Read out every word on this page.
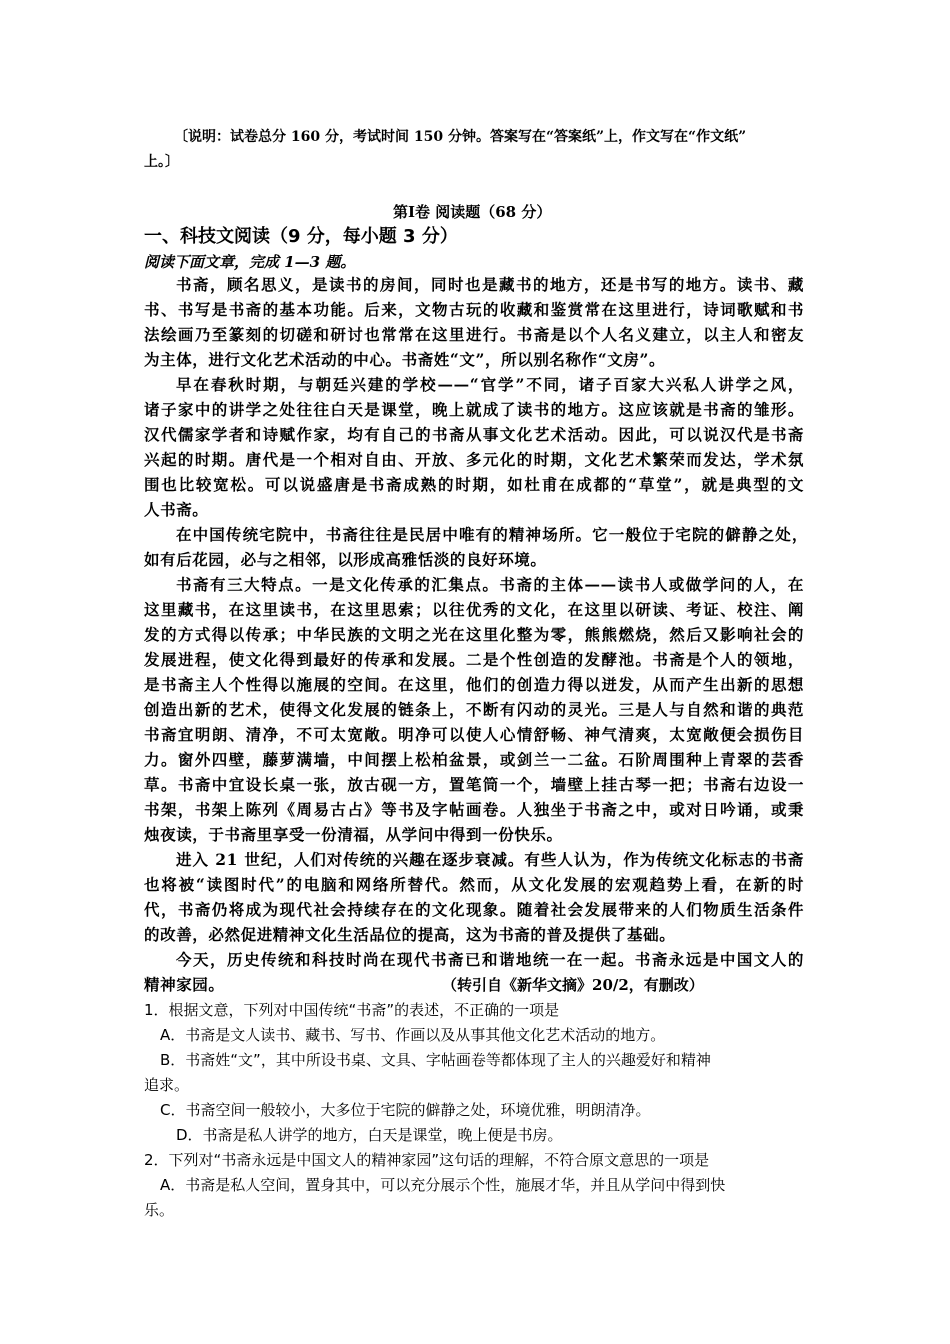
〔说明：试卷总分 160 分，考试时间 150 分钟。答案写在“答案纸”上，作文写在“作文纸”
上。〕
第Ⅰ卷 阅读题（68 分）
一、科技文阅读（9 分，每小题 3 分）
阅读下面文章，完成 1—3 题。
书斋，顾名思义，是读书的房间，同时也是藏书的地方，还是书写的地方。读书、藏
书、书写是书斋的基本功能。后来，文物古玩的收藏和鉴赏常在这里进行，诗词歌赋和书
法绘画乃至篆刻的切磋和研讨也常常在这里进行。书斋是以个人名义建立，以主人和密友
为主体，进行文化艺术活动的中心。书斋姓“文”，所以别名称作“文房”。
早在春秋时期，与朝廷兴建的学校——“官学”不同，诸子百家大兴私人讲学之风，
诸子家中的讲学之处往往白天是课堂，晚上就成了读书的地方。这应该就是书斋的雏形。
汉代儒家学者和诗赋作家，均有自己的书斋从事文化艺术活动。因此，可以说汉代是书斋
兴起的时期。唐代是一个相对自由、开放、多元化的时期，文化艺术繁荣而发达，学术氛
围也比较宽松。可以说盛唐是书斋成熟的时期，如杜甫在成都的“草堂”，就是典型的文
人书斋。
在中国传统宅院中，书斋往往是民居中唯有的精神场所。它一般位于宅院的僻静之处，
如有后花园，必与之相邻，以形成高雅恬淡的良好环境。
书斋有三大特点。一是文化传承的汇集点。书斋的主体——读书人或做学问的人，在
这里藏书，在这里读书，在这里思索；以往优秀的文化，在这里以研读、考证、校注、阐
发的方式得以传承；中华民族的文明之光在这里化整为零，熊熊燃烧，然后又影响社会的
发展进程，使文化得到最好的传承和发展。二是个性创造的发酵池。书斋是个人的领地，
是书斋主人个性得以施展的空间。在这里，他们的创造力得以迸发，从而产生出新的思想
创造出新的艺术，使得文化发展的链条上，不断有闪动的灵光。三是人与自然和谐的典范
书斋宜明朗、清净，不可太宽敞。明净可以使人心情舒畅、神气清爽，太宽敞便会损伤目
力。窗外四壁，藤萝满墙，中间摆上松柏盆景，或剑兰一二盆。石阶周围种上青翠的芸香
草。书斋中宜设长桌一张，放古砚一方，置笔筒一个，墙壁上挂古琴一把；书斋右边设一
书架，书架上陈列《周易古占》等书及字帖画卷。人独坐于书斋之中，或对日吟诵，或秉
烛夜读，于书斋里享受一份清福，从学问中得到一份快乐。
进入 21 世纪，人们对传统的兴趣在逐步衰减。有些人认为，作为传统文化标志的书斋
也将被“读图时代”的电脑和网络所替代。然而，从文化发展的宏观趋势上看，在新的时
代，书斋仍将成为现代社会持续存在的文化现象。随着社会发展带来的人们物质生活条件
的改善，必然促进精神文化生活品位的提高，这为书斋的普及提供了基础。
今天，历史传统和科技时尚在现代书斋已和谐地统一在一起。书斋永远是中国文人的
精神家园。	（转引自《新华文摘》20/2，有删改）
1．根据文意，下列对中国传统“书斋”的表述，不正确的一项是
A．书斋是文人读书、藏书、写书、作画以及从事其他文化艺术活动的地方。
B．书斋姓“文”，其中所设书桌、文具、字帖画卷等都体现了主人的兴趣爱好和精神
追求。
C．书斋空间一般较小，大多位于宅院的僻静之处，环境优雅，明朗清净。
D．书斋是私人讲学的地方，白天是课堂，晚上便是书房。
2．下列对“书斋永远是中国文人的精神家园”这句话的理解，不符合原文意思的一项是
A．书斋是私人空间，置身其中，可以充分展示个性，施展才华，并且从学问中得到快
乐。
